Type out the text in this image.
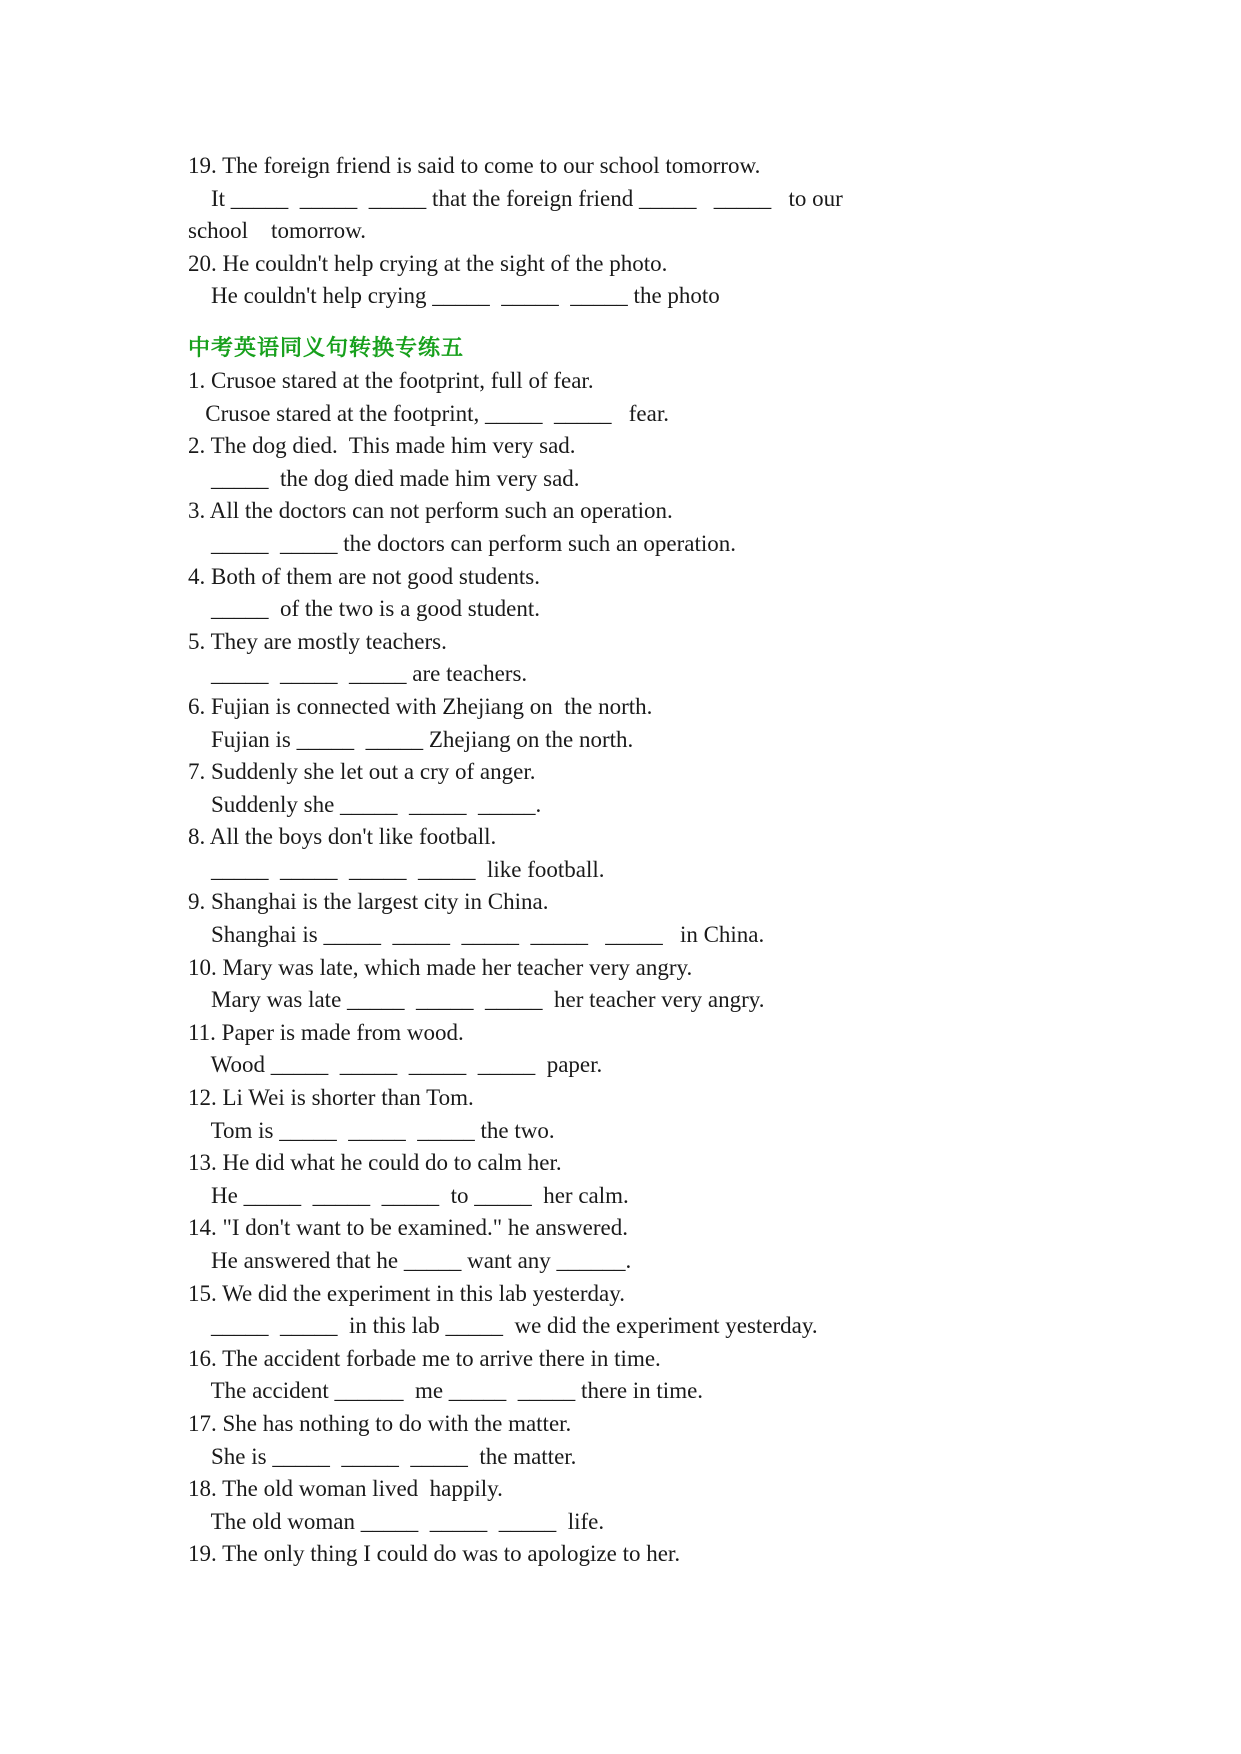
19. The foreign friend is said to come to our school tomorrow.
It _____  _____  _____ that the foreign friend _____   _____   to our
school    tomorrow.
20. He couldn't help crying at the sight of the photo.
He couldn't help crying _____  _____  _____ the photo
中考英语同义句转换专练五
1. Crusoe stared at the footprint, full of fear.
Crusoe stared at the footprint, _____  _____   fear.
2. The dog died.  This made him very sad.
_____  the dog died made him very sad.
3. All the doctors can not perform such an operation.
_____  _____ the doctors can perform such an operation.
4. Both of them are not good students.
_____  of the two is a good student.
5. They are mostly teachers.
_____  _____  _____ are teachers.
6. Fujian is connected with Zhejiang on  the north.
Fujian is _____  _____ Zhejiang on the north.
7. Suddenly she let out a cry of anger.
Suddenly she _____  _____  _____.
8. All the boys don't like football.
_____  _____  _____  _____  like football.
9. Shanghai is the largest city in China.
Shanghai is _____  _____  _____  _____   _____   in China.
10. Mary was late, which made her teacher very angry.
Mary was late _____  _____  _____  her teacher very angry.
11. Paper is made from wood.
Wood _____  _____  _____  _____  paper.
12. Li Wei is shorter than Tom.
Tom is _____  _____  _____ the two.
13. He did what he could do to calm her.
He _____  _____  _____  to _____  her calm.
14. "I don't want to be examined." he answered.
He answered that he _____ want any ______.
15. We did the experiment in this lab yesterday.
_____  _____  in this lab _____  we did the experiment yesterday.
16. The accident forbade me to arrive there in time.
The accident ______  me _____  _____ there in time.
17. She has nothing to do with the matter.
She is _____  _____  _____  the matter.
18. The old woman lived  happily.
The old woman _____  _____  _____  life.
19. The only thing I could do was to apologize to her.
